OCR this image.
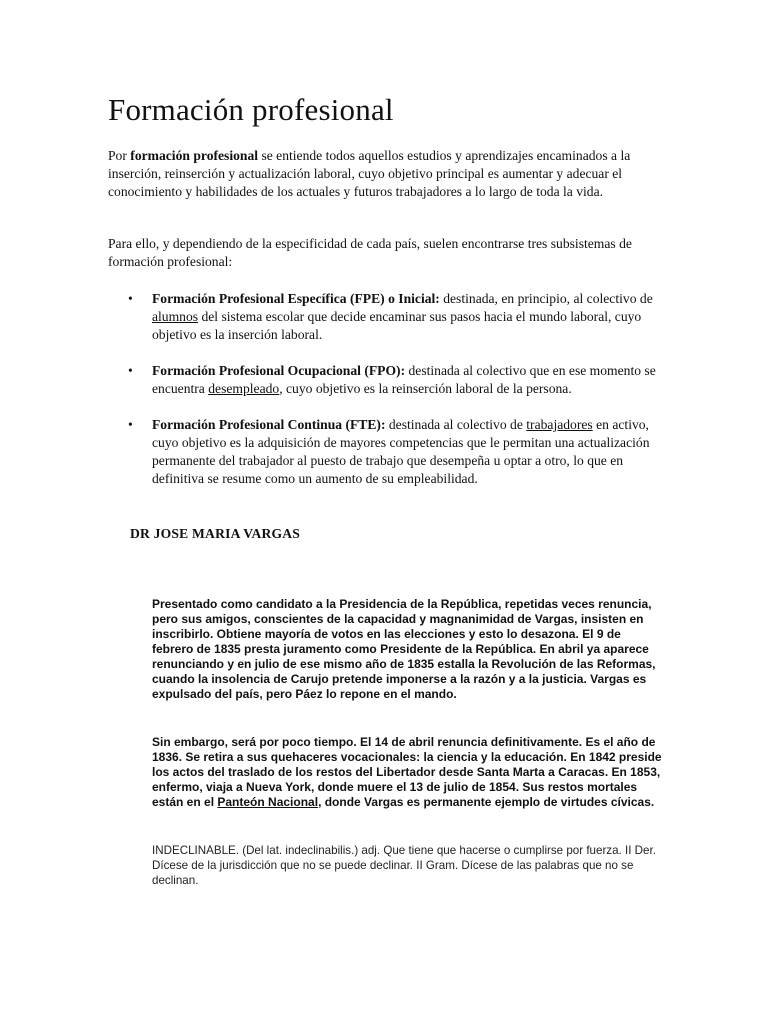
Formación profesional

Por formación profesional se entiende todos aquellos estudios y aprendizajes encaminados a la inserción, reinserción y actualización laboral, cuyo objetivo principal es aumentar y adecuar el conocimiento y habilidades de los actuales y futuros trabajadores a lo largo de toda la vida.

Para ello, y dependiendo de la especificidad de cada país, suelen encontrarse tres subsistemas de formación profesional:

• Formación Profesional Específica (FPE) o Inicial: destinada, en principio, al colectivo de alumnos del sistema escolar que decide encaminar sus pasos hacia el mundo laboral, cuyo objetivo es la inserción laboral.
• Formación Profesional Ocupacional (FPO): destinada al colectivo que en ese momento se encuentra desempleado, cuyo objetivo es la reinserción laboral de la persona.
• Formación Profesional Continua (FTE): destinada al colectivo de trabajadores en activo, cuyo objetivo es la adquisición de mayores competencias que le permitan una actualización permanente del trabajador al puesto de trabajo que desempeña u optar a otro, lo que en definitiva se resume como un aumento de su empleabilidad.
DR JOSE MARIA VARGAS

Presentado como candidato a la Presidencia de la República, repetidas veces renuncia, pero sus amigos, conscientes de la capacidad y magnanimidad de Vargas, insisten en inscribirlo. Obtiene mayoría de votos en las elecciones y esto lo desazona. El 9 de febrero de 1835 presta juramento como Presidente de la República. En abril ya aparece renunciando y en julio de ese mismo año de 1835 estalla la Revolución de las Reformas, cuando la insolencia de Carujo pretende imponerse a la razón y a la justicia. Vargas es expulsado del país, pero Páez lo repone en el mando.

Sin embargo, será por poco tiempo. El 14 de abril renuncia definitivamente. Es el año de 1836. Se retira a sus quehaceres vocacionales: la ciencia y la educación. En 1842 preside los actos del traslado de los restos del Libertador desde Santa Marta a Caracas. En 1853, enfermo, viaja a Nueva York, donde muere el 13 de julio de 1854. Sus restos mortales están en el Panteón Nacional, donde Vargas es permanente ejemplo de virtudes cívicas.

INDECLINABLE. (Del lat. indeclinabilis.) adj. Que tiene que hacerse o cumplirse por fuerza. II Der. Dícese de la jurisdicción que no se puede declinar. II Gram. Dícese de las palabras que no se declinan.
